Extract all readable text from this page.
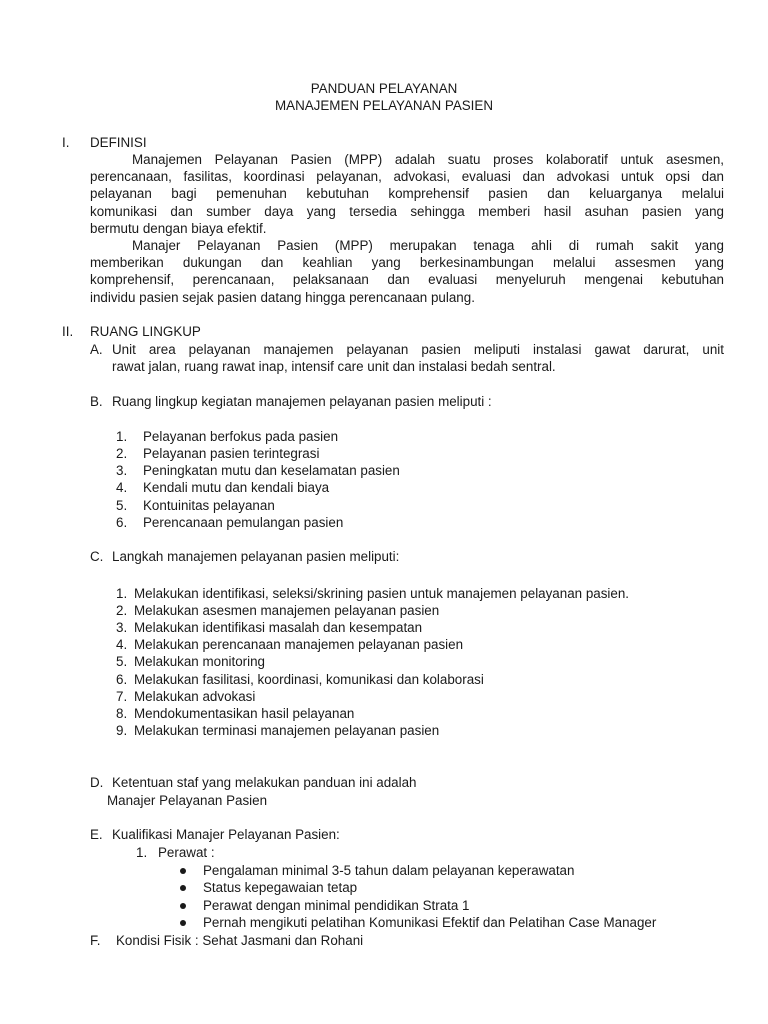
PANDUAN PELAYANAN
MANAJEMEN PELAYANAN PASIEN
I. DEFINISI
Manajemen Pelayanan Pasien (MPP) adalah suatu proses kolaboratif untuk asesmen,
perencanaan, fasilitas, koordinasi pelayanan, advokasi, evaluasi dan advokasi untuk opsi dan
pelayanan bagi pemenuhan kebutuhan komprehensif pasien dan keluarganya melalui
komunikasi dan sumber daya yang tersedia sehingga memberi hasil asuhan pasien yang
bermutu dengan biaya efektif.
Manajer Pelayanan Pasien (MPP) merupakan tenaga ahli di rumah sakit yang
memberikan dukungan dan keahlian yang berkesinambungan melalui assesmen yang
komprehensif, perencanaan, pelaksanaan dan evaluasi menyeluruh mengenai kebutuhan
individu pasien sejak pasien datang hingga perencanaan pulang.
II. RUANG LINGKUP
A. Unit area pelayanan manajemen pelayanan pasien meliputi instalasi gawat darurat, unit
rawat jalan, ruang rawat inap, intensif care unit dan instalasi bedah sentral.
B. Ruang lingkup kegiatan manajemen pelayanan pasien meliputi :
1. Pelayanan berfokus pada pasien
2. Pelayanan pasien terintegrasi
3. Peningkatan mutu dan keselamatan pasien
4. Kendali mutu dan kendali biaya
5. Kontuinitas pelayanan
6. Perencanaan pemulangan pasien
C. Langkah manajemen pelayanan pasien meliputi:
1. Melakukan identifikasi, seleksi/skrining pasien untuk manajemen pelayanan pasien.
2. Melakukan asesmen manajemen pelayanan pasien
3. Melakukan identifikasi masalah dan kesempatan
4. Melakukan perencanaan manajemen pelayanan pasien
5. Melakukan monitoring
6. Melakukan fasilitasi, koordinasi, komunikasi dan kolaborasi
7. Melakukan advokasi
8. Mendokumentasikan hasil pelayanan
9. Melakukan terminasi manajemen pelayanan pasien
D. Ketentuan staf yang melakukan panduan ini adalah
Manajer Pelayanan Pasien
E. Kualifikasi Manajer Pelayanan Pasien:
1. Perawat :
Pengalaman minimal 3-5 tahun dalam pelayanan keperawatan
Status kepegawaian tetap
Perawat dengan minimal pendidikan Strata 1
Pernah mengikuti pelatihan Komunikasi Efektif dan Pelatihan Case Manager
F. Kondisi Fisik : Sehat Jasmani dan Rohani
